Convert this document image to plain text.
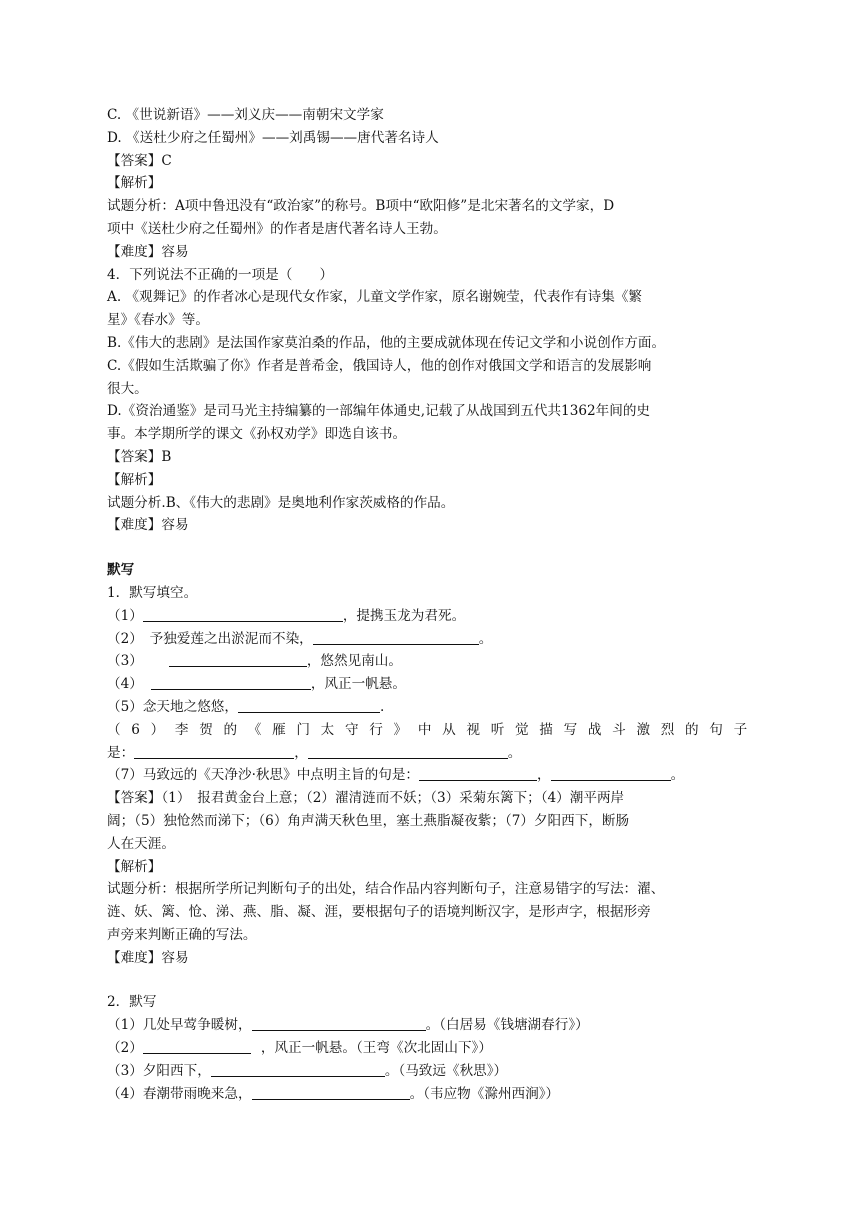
C. 《世说新语》——刘义庆——南朝宋文学家
D. 《送杜少府之任蜀州》——刘禹锡——唐代著名诗人
【答案】C
【解析】
试题分析：A项中鲁迅没有“政治家”的称号。B项中“欧阳修”是北宋著名的文学家，D
项中《送杜少府之任蜀州》的作者是唐代著名诗人王勃。
【难度】容易
4．下列说法不正确的一项是（　　）
A. 《观舞记》的作者冰心是现代女作家，儿童文学作家，原名谢婉莹，代表作有诗集《繁
星》《春水》等。
B.《伟大的悲剧》是法国作家莫泊桑的作品，他的主要成就体现在传记文学和小说创作方面。
C.《假如生活欺骗了你》作者是普希金，俄国诗人，他的创作对俄国文学和语言的发展影响
很大。
D.《资治通鉴》是司马光主持编纂的一部编年体通史,记载了从战国到五代共1362年间的史
事。本学期所学的课文《孙权劝学》即选自该书。
【答案】B
【解析】
试题分析.B、《伟大的悲剧》是奥地利作家茨威格的作品。
【难度】容易
默写
1．默写填空。
（1）	，提携玉龙为君死。
（2）　予独爱莲之出淤泥而不染，	。
（3）	，悠然见南山。
（4）	，风正一帆悬。
（5）念天地之悠悠，	.
（6）李贺的《雁门太守行》中从视听觉描写战斗激烈的句子
是：	，	。
（7）马致远的《天净沙·秋思》中点明主旨的句是：	，	。
【答案】（1）　报君黄金台上意；（2）濯清涟而不妖；（3）采菊东篱下；（4）潮平两岸
阔；（5）独怆然而涕下；（6）角声满天秋色里，塞土燕脂凝夜紫；（7）夕阳西下，断肠
人在天涯。
【解析】
试题分析：根据所学所记判断句子的出处，结合作品内容判断句子，注意易错字的写法：濯、
涟、妖、篱、怆、涕、燕、脂、凝、涯，要根据句子的语境判断汉字，是形声字，根据形旁
声旁来判断正确的写法。
【难度】容易
2．默写
（1）几处早莺争暖树，	。（白居易《钱塘湖春行》）
（2）	，风正一帆悬。（王弯《次北固山下》）
（3）夕阳西下，	。（马致远《秋思》）
（4）春潮带雨晚来急，	。（韦应物《滁州西涧》）
